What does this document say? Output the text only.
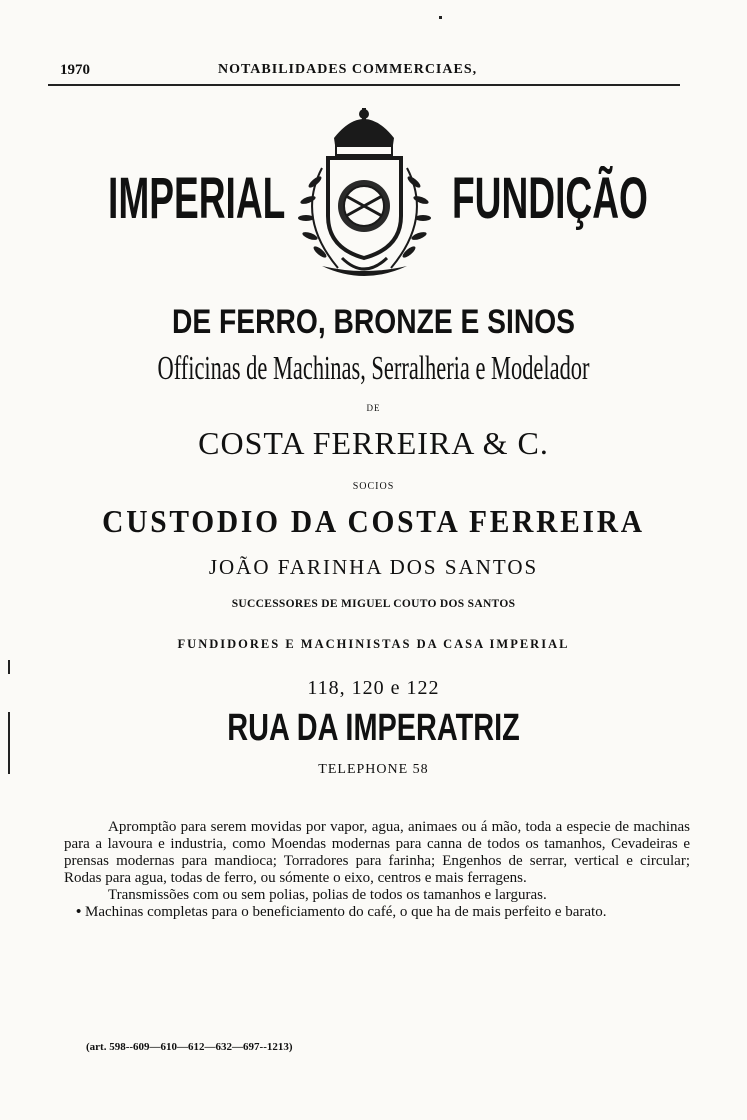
1970	NOTABILIDADES COMMERCIAES,
IMPERIAL	FUNDIÇÃO
DE FERRO, BRONZE E SINOS
Officinas de Machinas, Serralheria e Modelador
DE
COSTA FERREIRA & C.
SOCIOS
CUSTODIO DA COSTA FERREIRA
JOÃO FARINHA DOS SANTOS
SUCCESSORES DE MIGUEL COUTO DOS SANTOS
FUNDIDORES E MACHINISTAS DA CASA IMPERIAL
118, 120 e 122
RUA DA IMPERATRIZ
TELEPHONE 58

Apromptão para serem movidas por vapor, agua, animaes ou á mão, toda a especie de machinas para a lavoura e industria, como Moendas modernas para canna de todos os tamanhos, Cevadeiras e prensas modernas para mandioca; Torradores para farinha; Engenhos de serrar, vertical e circular; Rodas para agua, todas de ferro, ou sómente o eixo, centros e mais ferragens.

Transmissões com ou sem polias, polias de todos os tamanhos e larguras.

• Machinas completas para o beneficiamento do café, o que ha de mais perfeito e barato.

(art. 598--609—610—612—632—697--1213)
